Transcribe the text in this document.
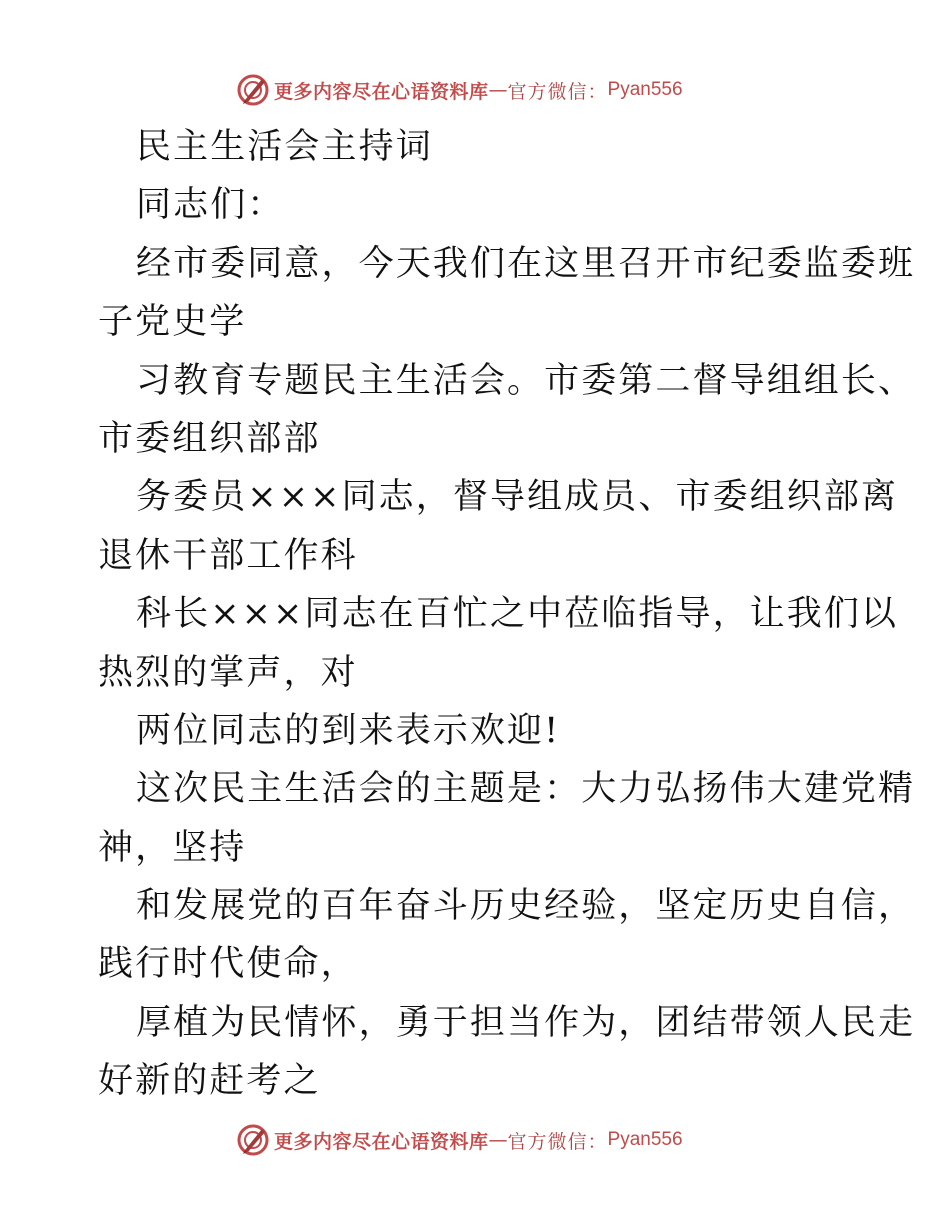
更多内容尽在心语资料库 — 官方微信： Pyan556
民主生活会主持词
同志们：
经市委同意，今天我们在这里召开市纪委监委班
子党史学
习教育专题民主生活会。市委第二督导组组长、
市委组织部部
务委员×××同志，督导组成员、市委组织部离
退休干部工作科
科长×××同志在百忙之中莅临指导，让我们以
热烈的掌声，对
两位同志的到来表示欢迎!
这次民主生活会的主题是：大力弘扬伟大建党精
神，坚持
和发展党的百年奋斗历史经验，坚定历史自信，
践行时代使命，
厚植为民情怀，勇于担当作为，团结带领人民走
好新的赶考之
更多内容尽在心语资料库 — 官方微信： Pyan556
